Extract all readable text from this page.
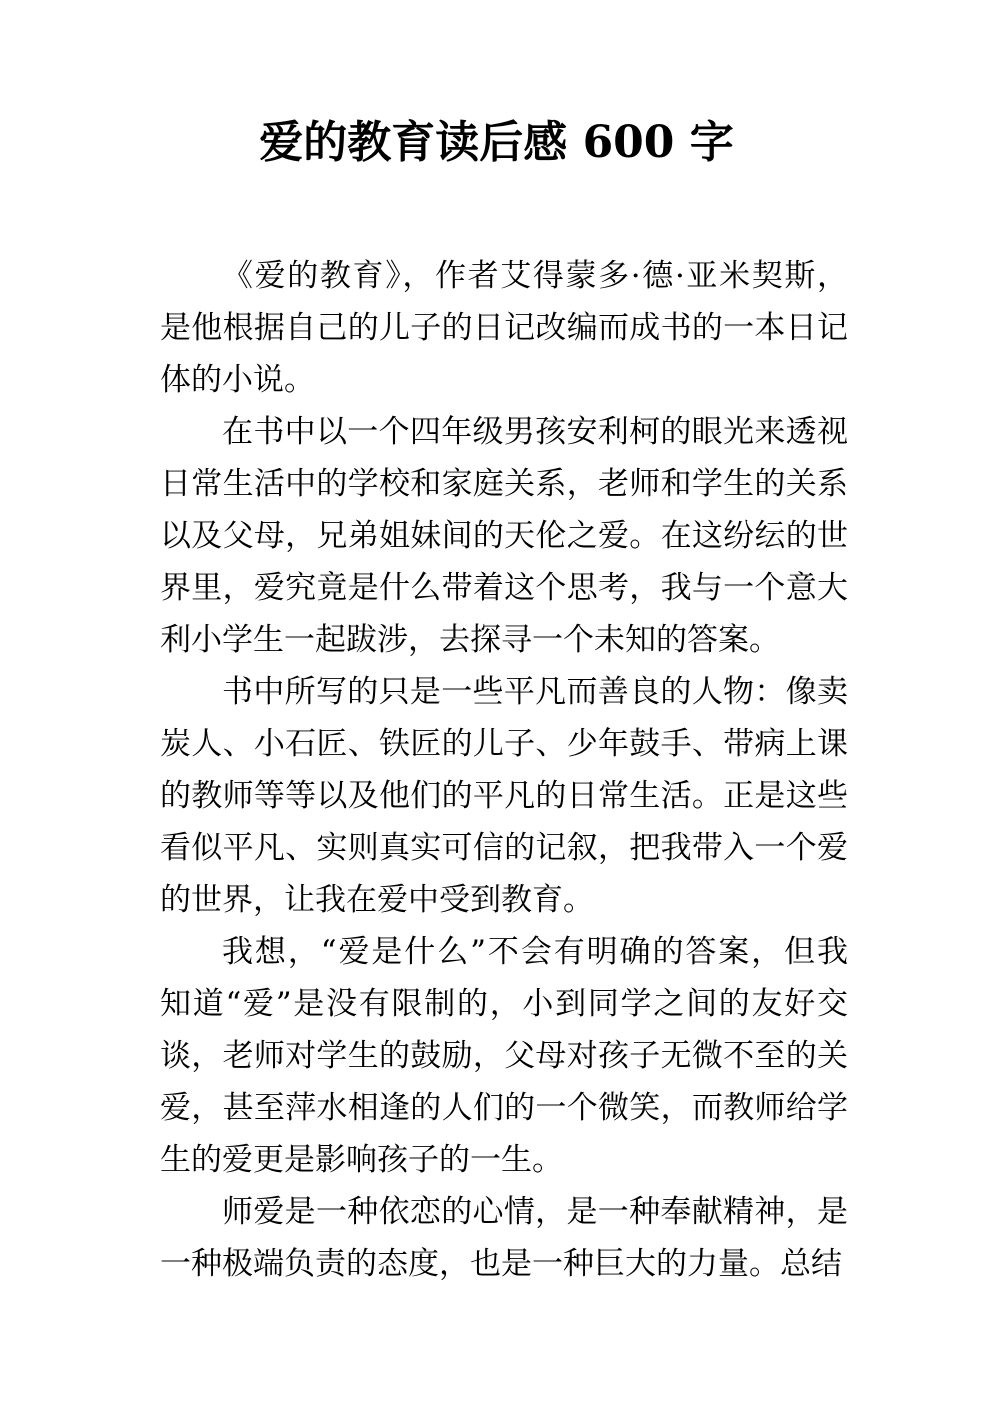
爱的教育读后感 600 字
《爱的教育》，作者艾得蒙多·德·亚米契斯，
是他根据自己的儿子的日记改编而成书的一本日记
体的小说。
在书中以一个四年级男孩安利柯的眼光来透视
日常生活中的学校和家庭关系，老师和学生的关系
以及父母，兄弟姐妹间的天伦之爱。在这纷纭的世
界里，爱究竟是什么带着这个思考，我与一个意大
利小学生一起跋涉，去探寻一个未知的答案。
书中所写的只是一些平凡而善良的人物：像卖
炭人、小石匠、铁匠的儿子、少年鼓手、带病上课
的教师等等以及他们的平凡的日常生活。正是这些
看似平凡、实则真实可信的记叙，把我带入一个爱
的世界，让我在爱中受到教育。
我想，“爱是什么”不会有明确的答案，但我
知道“爱”是没有限制的，小到同学之间的友好交
谈，老师对学生的鼓励，父母对孩子无微不至的关
爱，甚至萍水相逢的人们的一个微笑，而教师给学
生的爱更是影响孩子的一生。
师爱是一种依恋的心情，是一种奉献精神，是
一种极端负责的态度，也是一种巨大的力量。总结
